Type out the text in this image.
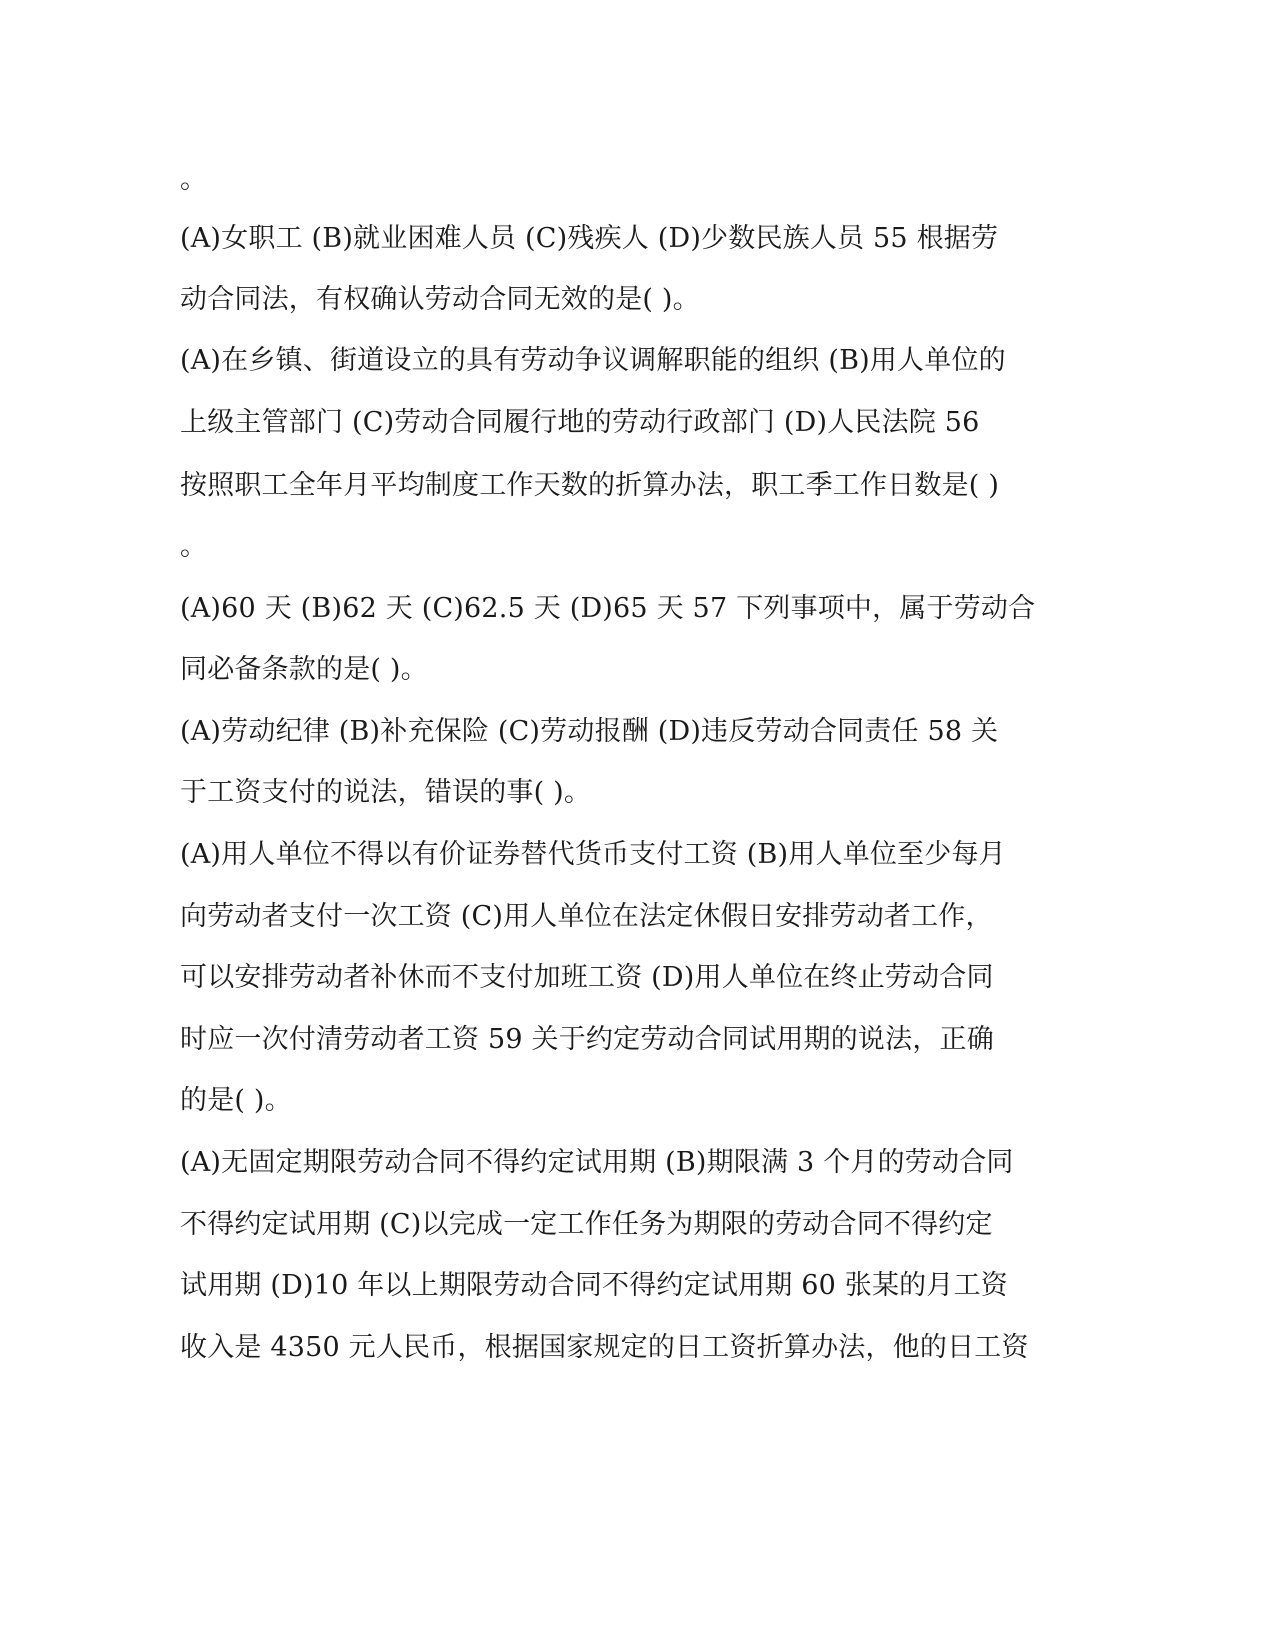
。
(A)女职工 (B)就业困难人员 (C)残疾人 (D)少数民族人员 55 根据劳
动合同法，有权确认劳动合同无效的是( )。
(A)在乡镇、街道设立的具有劳动争议调解职能的组织 (B)用人单位的
上级主管部门 (C)劳动合同履行地的劳动行政部门 (D)人民法院 56
按照职工全年月平均制度工作天数的折算办法，职工季工作日数是( )
。
(A)60 天 (B)62 天 (C)62.5 天 (D)65 天 57 下列事项中，属于劳动合
同必备条款的是( )。
(A)劳动纪律 (B)补充保险 (C)劳动报酬 (D)违反劳动合同责任 58 关
于工资支付的说法，错误的事( )。
(A)用人单位不得以有价证券替代货币支付工资 (B)用人单位至少每月
向劳动者支付一次工资 (C)用人单位在法定休假日安排劳动者工作，
可以安排劳动者补休而不支付加班工资 (D)用人单位在终止劳动合同
时应一次付清劳动者工资 59 关于约定劳动合同试用期的说法，正确
的是( )。
(A)无固定期限劳动合同不得约定试用期 (B)期限满 3 个月的劳动合同
不得约定试用期 (C)以完成一定工作任务为期限的劳动合同不得约定
试用期 (D)10 年以上期限劳动合同不得约定试用期 60 张某的月工资
收入是 4350 元人民币，根据国家规定的日工资折算办法，他的日工资
